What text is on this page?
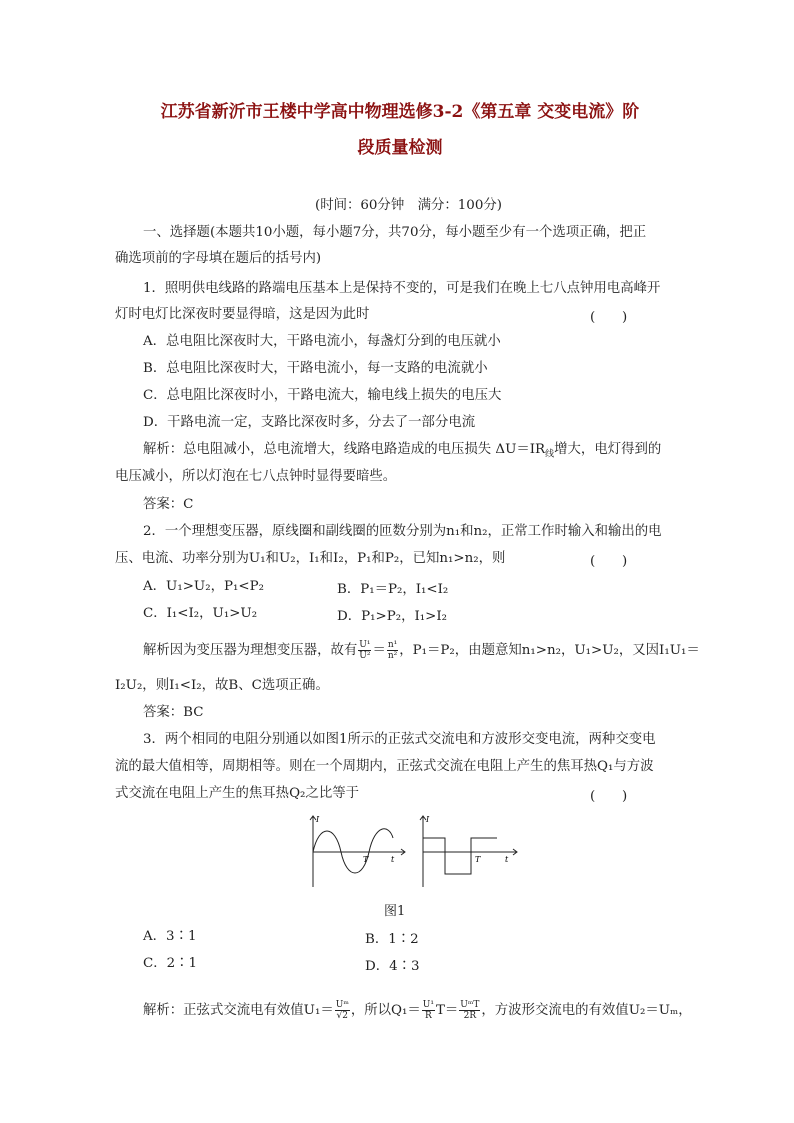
江苏省新沂市王楼中学高中物理选修3-2《第五章 交变电流》阶
段质量检测
(时间：60分钟　满分：100分)
一、选择题(本题共10小题，每小题7分，共70分，每小题至少有一个选项正确，把正
确选项前的字母填在题后的括号内)
1．照明供电线路的路端电压基本上是保持不变的，可是我们在晚上七八点钟用电高峰开
灯时电灯比深夜时要显得暗，这是因为此时	(　　)
A．总电阻比深夜时大，干路电流小，每盏灯分到的电压就小
B．总电阻比深夜时大，干路电流小，每一支路的电流就小
C．总电阻比深夜时小，干路电流大，输电线上损失的电压大
D．干路电流一定，支路比深夜时多，分去了一部分电流
解析：总电阻减小，总电流增大，线路电路造成的电压损失 $\Delta U=IR_线$增大，电灯得到的
电压减小，所以灯泡在七八点钟时显得要暗些。
答案：C
2．一个理想变压器，原线圈和副线圈的匝数分别为n₁和n₂，正常工作时输入和输出的电
压、电流、功率分别为U₁和U₂，I₁和I₂，P₁和P₂，已知n₁>n₂，则	(　　)
A．U₁>U₂，P₁<P₂	B．P₁＝P₂，I₁<I₂
C．I₁<I₂，U₁>U₂	D．P₁>P₂，I₁>I₂
解析因为变压器为理想变压器，故有 $\frac{\text{U¹}}{\text{U²}} = \frac{\text{n¹}}{\text{n²}}$ ，P₁＝P₂，由题意知n₁>n₂，U₁>U₂，又因I₁U₁＝
I₂U₂，则I₁<I₂，故B、C选项正确。
答案：BC
3．两个相同的电阻分别通以如图1所示的正弦式交流电和方波形交变电流，两种交变电
流的最大值相等，周期相等。则在一个周期内，正弦式交流在电阻上产生的焦耳热Q₁与方波
式交流在电阻上产生的焦耳热Q₂之比等于	(　　)
I
t
T
I
t
T
图1
A．3∶1	B．1∶2
C．2∶1	D．4∶3
解析：正弦式交流电有效值$U_1= \frac{\text{Uᵐ}}{√2}$ ，所以$Q_1= \frac{\text{U¹}}{R} T= \frac{\text{UᵐT}}{2R}$ ，方波形交流电的有效值U₂＝Uₘ，
